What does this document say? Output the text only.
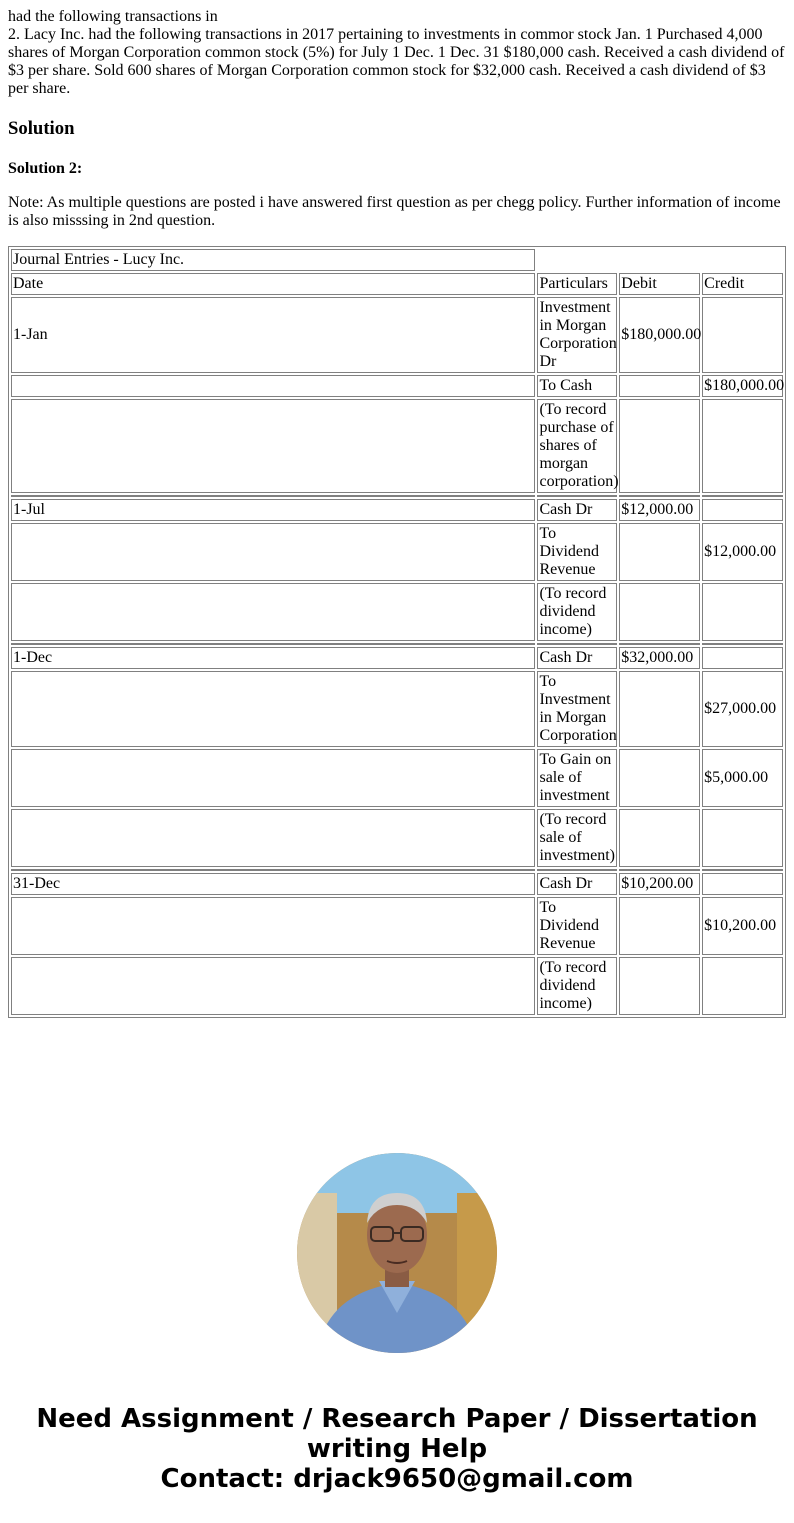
had the following transactions in

2. Lacy Inc. had the following transactions in 2017 pertaining to investments in commor stock Jan. 1 Purchased 4,000 shares of Morgan Corporation common stock (5%) for July 1 Dec. 1 Dec. 31 $180,000 cash. Received a cash dividend of $3 per share. Sold 600 shares of Morgan Corporation common stock for $32,000 cash. Received a cash dividend of $3 per share.

Solution
Solution 2:

Note: As multiple questions are posted i have answered first question as per chegg policy. Further information of income is also misssing in 2nd question.

Journal Entries - Lucy Inc.			
Date	Particulars	Debit	Credit
1-Jan	Investment in Morgan Corporation Dr	$180,000.00	
	To Cash		$180,000.00
	(To record purchase of shares of morgan corporation)		

1-Jul	Cash Dr	$12,000.00	
	To Dividend Revenue		$12,000.00
	(To record dividend income)		

1-Dec	Cash Dr	$32,000.00	
	To Investment in Morgan Corporation		$27,000.00
	To Gain on sale of investment		$5,000.00
	(To record sale of investment)		

31-Dec	Cash Dr	$10,200.00	
	To Dividend Revenue		$10,200.00
	(To record dividend income)		
Need Assignment / Research Paper / Dissertation writing Help
Contact: drjack9650@gmail.com
